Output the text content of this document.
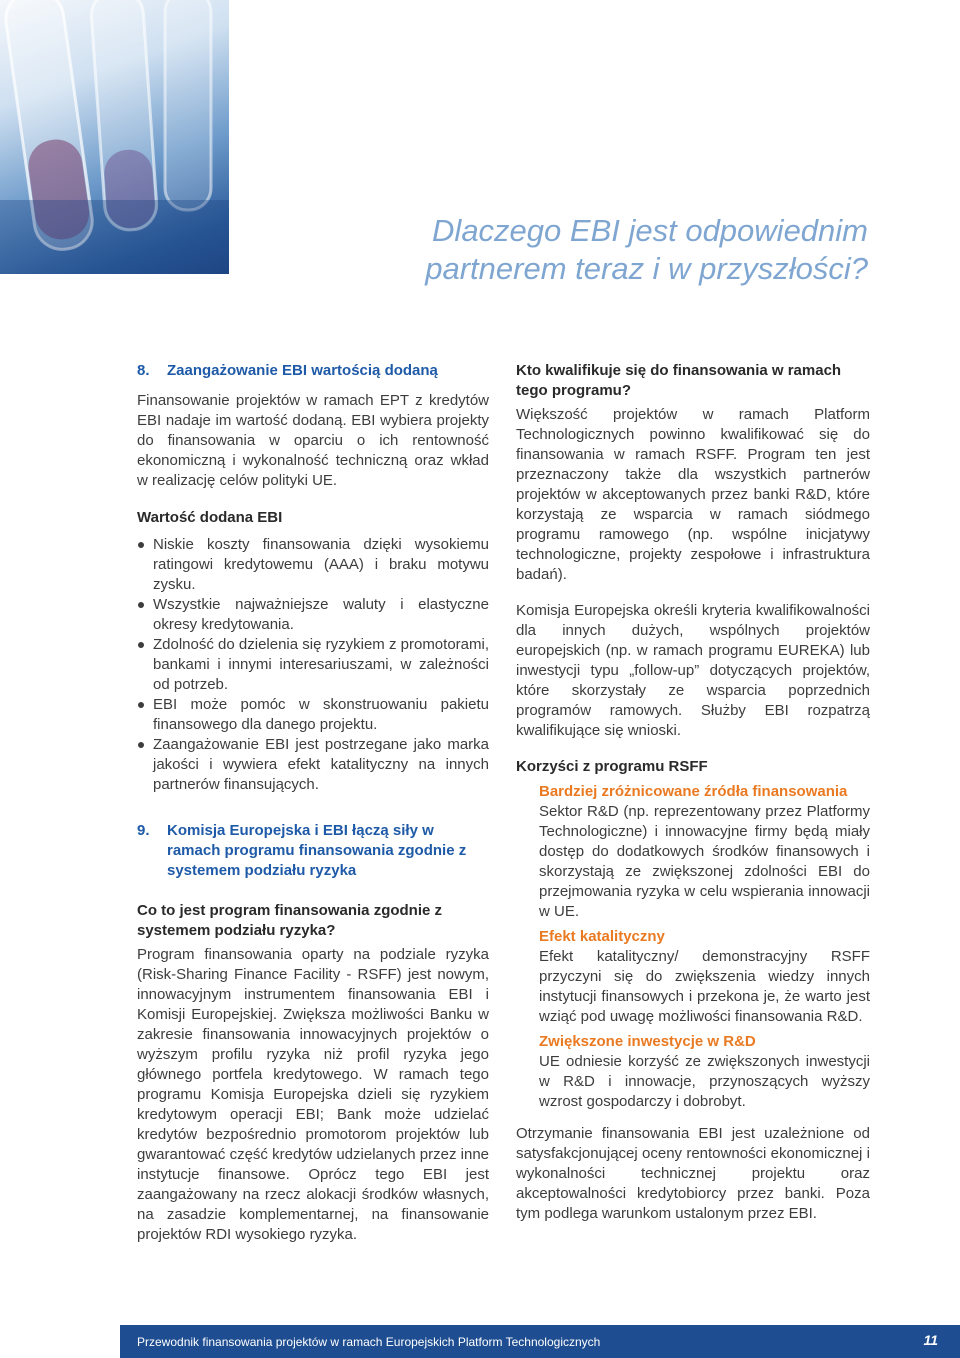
Dlaczego EBI jest odpowiednim
partnerem teraz i w przyszłości?
8.	Zaangażowanie EBI wartością dodaną

Finansowanie projektów w ramach EPT z kredytów EBI nadaje im wartość dodaną. EBI wybiera projekty do finansowania w oparciu o ich rentowność ekonomiczną i wykonalność techniczną oraz wkład w realizację celów polityki UE.

Wartość dodana EBI
Niskie koszty finansowania dzięki wysokiemu ratingowi kredytowemu (AAA) i braku motywu zysku.
Wszystkie najważniejsze waluty i elastyczne okresy kredytowania.
Zdolność do dzielenia się ryzykiem z promotorami, bankami i innymi interesariuszami, w zależności od potrzeb.
EBI może pomóc w skonstruowaniu pakietu finansowego dla danego projektu.
Zaangażowanie EBI jest postrzegane jako marka jakości i wywiera efekt katalityczny na innych partnerów finansujących.
9.	Komisja Europejska i EBI łączą siły w ramach programu finansowania zgodnie z systemem podziału ryzyka
Co to jest program finansowania zgodnie z systemem podziału ryzyka?

Program finansowania oparty na podziale ryzyka (Risk-Sharing Finance Facility - RSFF) jest nowym, innowacyjnym instrumentem finansowania EBI i Komisji Europejskiej. Zwiększa możliwości Banku w zakresie finansowania innowacyjnych projektów o wyższym profilu ryzyka niż profil ryzyka jego głównego portfela kredytowego. W ramach tego programu Komisja Europejska dzieli się ryzykiem kredytowym operacji EBI; Bank może udzielać kredytów bezpośrednio promotorom projektów lub gwarantować część kredytów udzielanych przez inne instytucje finansowe. Oprócz tego EBI jest zaangażowany na rzecz alokacji środków własnych, na zasadzie komplementarnej, na finansowanie projektów RDI wysokiego ryzyka.

Kto kwalifikuje się do finansowania w ramach tego programu?

Większość projektów w ramach Platform Technologicznych powinno kwalifikować się do finansowania w ramach RSFF. Program ten jest przeznaczony także dla wszystkich partnerów projektów w akceptowanych przez banki R&D, które korzystają ze wsparcia w ramach siódmego programu ramowego (np. wspólne inicjatywy technologiczne, projekty zespołowe i infrastruktura badań).

Komisja Europejska określi kryteria kwalifikowalności dla innych dużych, wspólnych projektów europejskich (np. w ramach programu EUREKA) lub inwestycji typu „follow-up” dotyczących projektów, które skorzystały ze wsparcia poprzednich programów ramowych. Służby EBI rozpatrzą kwalifikujące się wnioski.

Korzyści z programu RSFF
Bardziej zróżnicowane źródła finansowania

Sektor R&D (np. reprezentowany przez Platformy Technologiczne) i innowacyjne firmy będą miały dostęp do dodatkowych środków finansowych i skorzystają ze zwiększonej zdolności EBI do przejmowania ryzyka w celu wspierania innowacji w UE.

Efekt katalityczny

Efekt katalityczny/ demonstracyjny RSFF przyczyni się do zwiększenia wiedzy innych instytucji finansowych i przekona je, że warto jest wziąć pod uwagę możliwości finansowania R&D.

Zwiększone inwestycje w R&D

UE odniesie korzyść ze zwiększonych inwestycji w R&D i innowacje, przynoszących wyższy wzrost gospodarczy i dobrobyt.

Otrzymanie finansowania EBI jest uzależnione od satysfakcjonującej oceny rentowności ekonomicznej i wykonalności technicznej projektu oraz akceptowalności kredytobiorcy przez banki. Poza tym podlega warunkom ustalonym przez EBI.

Przewodnik finansowania projektów w ramach Europejskich Platform Technologicznych	11
